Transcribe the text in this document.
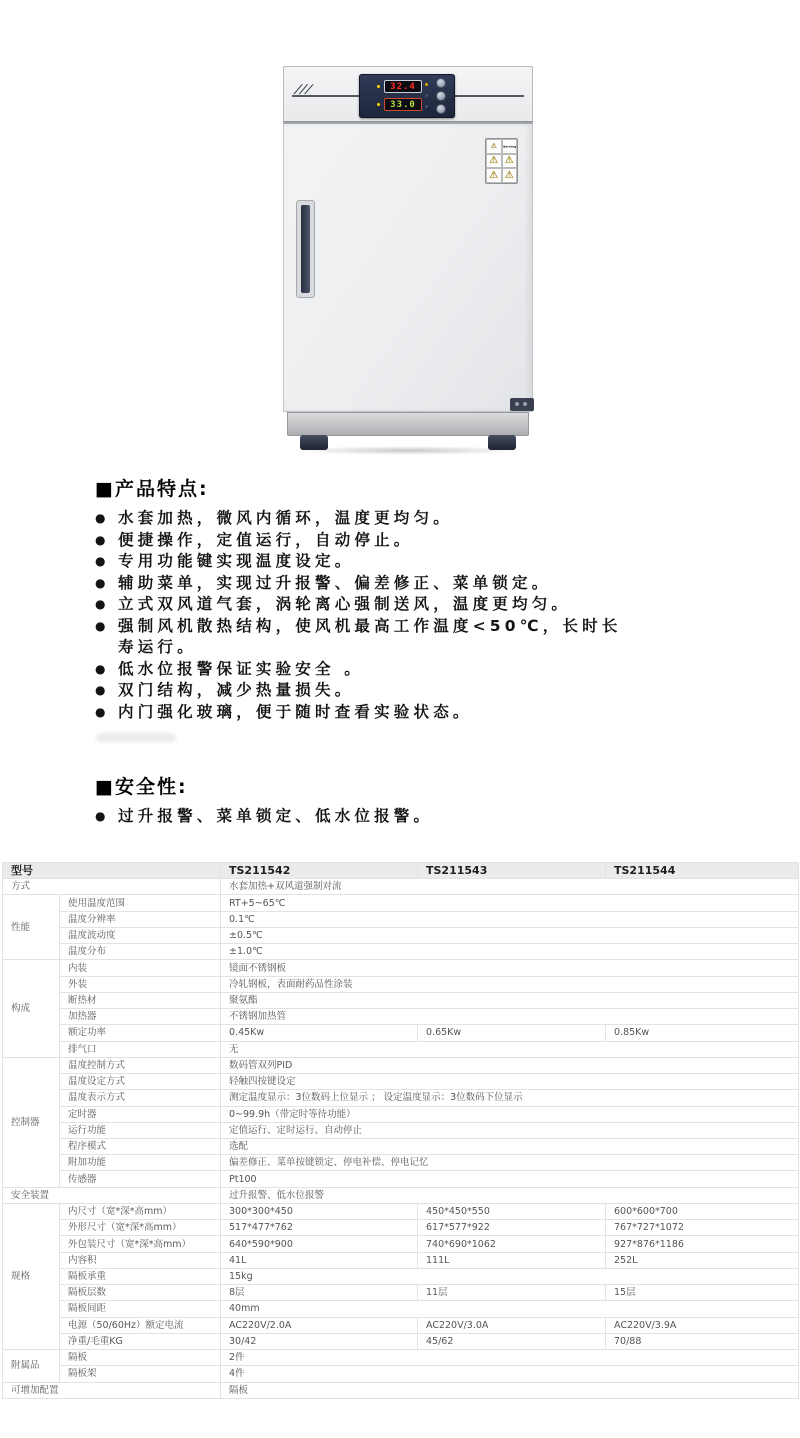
///	32.4
33.0
⚠ Warning
⚠ ⚠
⚠ ⚠
■产品特点:
● 水套加热，微风内循环，温度更均匀。
● 便捷操作，定值运行，自动停止。
● 专用功能键实现温度设定。
● 辅助菜单，实现过升报警、偏差修正、菜单锁定。
● 立式双风道气套，涡轮离心强制送风，温度更均匀。
● 强制风机散热结构，使风机最高工作温度<50℃，长时长寿运行。
● 低水位报警保证实验安全 。
● 双门结构，减少热量损失。
● 内门强化玻璃，便于随时查看实验状态。
■安全性:
● 过升报警、菜单锁定、低水位报警。
型号		TS211542	TS211543	TS211544
方式		水套加热+双风道强制对流		
性能	使用温度范围	RT+5~65℃		
	温度分辨率	0.1℃		
	温度波动度	±0.5℃		
	温度分布	±1.0℃		
构成	内装	镜面不锈钢板		
	外装	冷轧钢板，表面耐药品性涂装		
	断热材	聚氨酯		
	加热器	不锈钢加热管		
	额定功率	0.45Kw	0.65Kw	0.85Kw
	排气口	无		
控制器	温度控制方式	数码管双列PID		
	温度设定方式	轻触四按键设定		
	温度表示方式	测定温度显示：3位数码上位显示 ； 设定温度显示：3位数码下位显示		
	定时器	0~99.9h（带定时等待功能）		
	运行功能	定值运行、定时运行、自动停止		
	程序模式	选配		
	附加功能	偏差修正、菜单按键锁定、停电补偿、停电记忆		
	传感器	Pt100		
安全装置		过升报警、低水位报警		
规格	内尺寸（宽*深*高mm）	300*300*450	450*450*550	600*600*700
	外形尺寸（宽*深*高mm）	517*477*762	617*577*922	767*727*1072
	外包装尺寸（宽*深*高mm）	640*590*900	740*690*1062	927*876*1186
	内容积	41L	111L	252L
	隔板承重	15kg		
	隔板层数	8层	11层	15层
	隔板间距	40mm		
	电源（50/60Hz）额定电流	AC220V/2.0A	AC220V/3.0A	AC220V/3.9A
	净重/毛重KG	30/42	45/62	70/88
附属品	隔板	2件		
	隔板架	4件		
可增加配置		隔板		
